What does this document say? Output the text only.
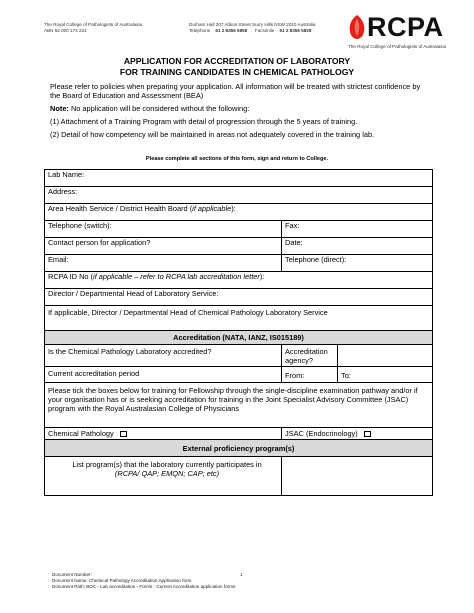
The Royal College of Pathologists of Australasia
ABN 52 000 173 231
Durham Hall 207 Albion Street Surry Hills NSW 2010 Australia
Telephone 61 2 8356 5858 Facsimile 61 2 8356 5828 RCPA
The Royal College of Pathologists of Australasia
APPLICATION FOR ACCREDITATION OF LABORATORY
FOR TRAINING CANDIDATES IN CHEMICAL PATHOLOGY

Please refer to policies when preparing your application. All information will be treated with strictest confidence by the Board of Education and Assessment (BEA)

Note: No application will be considered without the following:

(1) Attachment of a Training Program with detail of progression through the 5 years of training.

(2) Detail of how competency will be maintained in areas not adequately covered in the training lab.

Please complete all sections of this form, sign and return to College.
Lab Name:		
Address:		
Area Health Service / District Health Board (if applicable):		
Telephone (switch):	Fax:	
Contact person for application?	Date:	
Email:	Telephone (direct):	
RCPA ID No (if applicable – refer to RCPA lab accreditation letter):		
Director / Departmental Head of Laboratory Service:		
If applicable, Director / Departmental Head of Chemical Pathology Laboratory Service		
Accreditation (NATA, IANZ, IS015189)		
Is the Chemical Pathology Laboratory accredited?	Accreditation agency?	
Current accreditation period	From:	To:
Please tick the boxes below for training for Fellowship through the single-discipline examination pathway and/or if your organisation has or is seeking accreditation for training in the Joint Specialist Advisory Committee (JSAC) program with the Royal Australasian College of Physicians		
Chemical Pathology	JSAC (Endocrinology)	
External proficiency program(s)		

List program(s) that the laboratory currently participates in
(RCPA/ QAP; EMQN; CAP; etc)		

Document Number:
Document Name: Chemical Pathology Accreditation Application form
Document Path: BOC - Lab accreditation - Forms - Current Accreditation application forms
1
